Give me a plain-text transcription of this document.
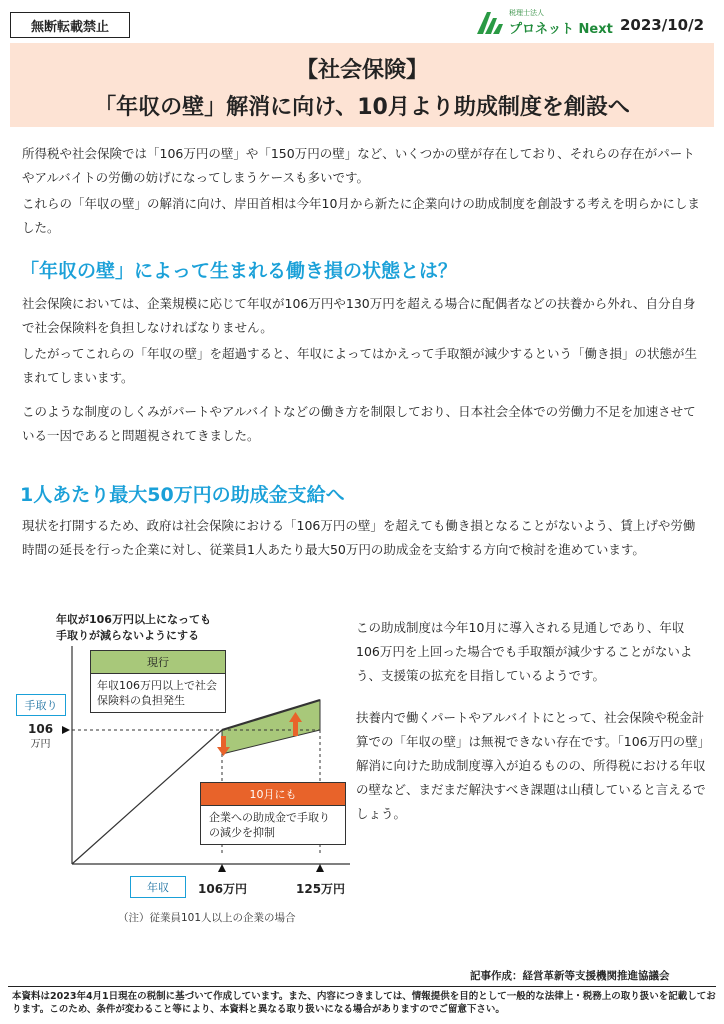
無断転載禁止
税理士法人
プロネット Next 2023/10/2
【社会保険】
「年収の壁」解消に向け、10月より助成制度を創設へ
所得税や社会保険では「106万円の壁」や「150万円の壁」など、いくつかの壁が存在しており、それらの存在がパートやアルバイトの労働の妨げになってしまうケースも多いです。
これらの「年収の壁」の解消に向け、岸田首相は今年10月から新たに企業向けの助成制度を創設する考えを明らかにしました。
「年収の壁」によって生まれる働き損の状態とは？
社会保険においては、企業規模に応じて年収が106万円や130万円を超える場合に配偶者などの扶養から外れ、自分自身で社会保険料を負担しなければなりません。
したがってこれらの「年収の壁」を超過すると、年収によってはかえって手取額が減少するという「働き損」の状態が生まれてしまいます。
このような制度のしくみがパートやアルバイトなどの働き方を制限しており、日本社会全体での労働力不足を加速させている一因であると問題視されてきました。
1人あたり最大50万円の助成金支給へ
現状を打開するため、政府は社会保険における「106万円の壁」を超えても働き損となることがないよう、賃上げや労働時間の延長を行った企業に対し、従業員1人あたり最大50万円の助成金を支給する方向で検討を進めています。
年収が106万円以上になっても
手取りが減らないようにする
現行
年収106万円以上で社会保険料の負担発生
10月にも
企業への助成金で手取りの減少を抑制
手取り
106
万円
年収	106万円	125万円
（注）従業員101人以上の企業の場合
この助成制度は今年10月に導入される見通しであり、年収106万円を上回った場合でも手取額が減少することがないよう、支援策の拡充を目指しているようです。
扶養内で働くパートやアルバイトにとって、社会保険や税金計算での「年収の壁」は無視できない存在です。「106万円の壁」解消に向けた助成制度導入が迫るものの、所得税における年収の壁など、まだまだ解決すべき課題は山積していると言えるでしょう。
記事作成：経営革新等支援機関推進協議会
本資料は2023年4月1日現在の税制に基づいて作成しています。また、内容につきましては、情報提供を目的として一般的な法律上・税務上の取り扱いを記載しております。このため、条件が変わること等により、本資料と異なる取り扱いになる場合がありますのでご留意下さい。
